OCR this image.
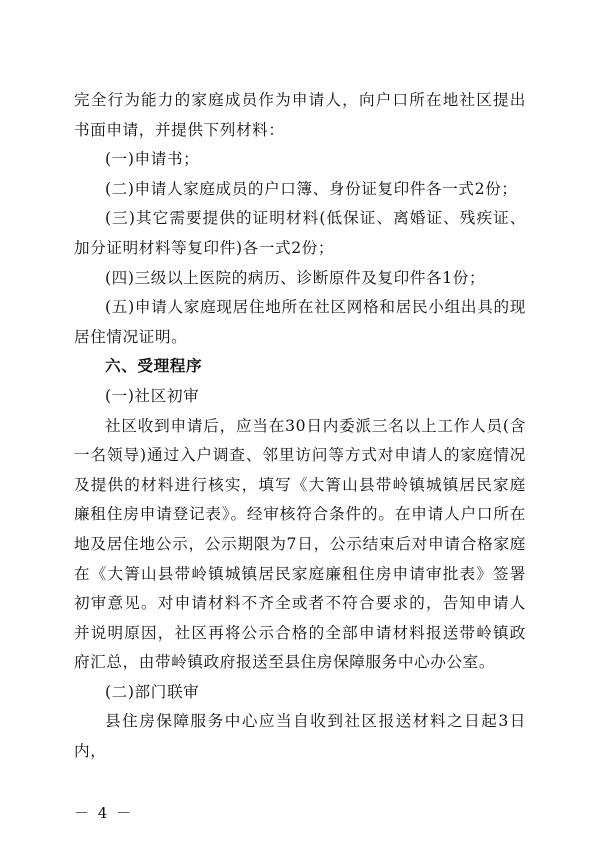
完全行为能力的家庭成员作为申请人，向户口所在地社区提出书面申请，并提供下列材料：

(一)申请书；

(二)申请人家庭成员的户口簿、身份证复印件各一式2份；

(三)其它需要提供的证明材料(低保证、离婚证、残疾证、加分证明材料等复印件)各一式2份；

(四)三级以上医院的病历、诊断原件及复印件各1份；

(五)申请人家庭现居住地所在社区网格和居民小组出具的现居住情况证明。

六、受理程序

(一)社区初审

社区收到申请后，应当在30日内委派三名以上工作人员(含一名领导)通过入户调查、邻里访问等方式对申请人的家庭情况及提供的材料进行核实，填写《大箐山县带岭镇城镇居民家庭廉租住房申请登记表》。经审核符合条件的。在申请人户口所在地及居住地公示，公示期限为7日，公示结束后对申请合格家庭在《大箐山县带岭镇城镇居民家庭廉租住房申请审批表》签署初审意见。对申请材料不齐全或者不符合要求的，告知申请人并说明原因，社区再将公示合格的全部申请材料报送带岭镇政府汇总，由带岭镇政府报送至县住房保障服务中心办公室。

(二)部门联审

县住房保障服务中心应当自收到社区报送材料之日起3日内，

－ 4 －
